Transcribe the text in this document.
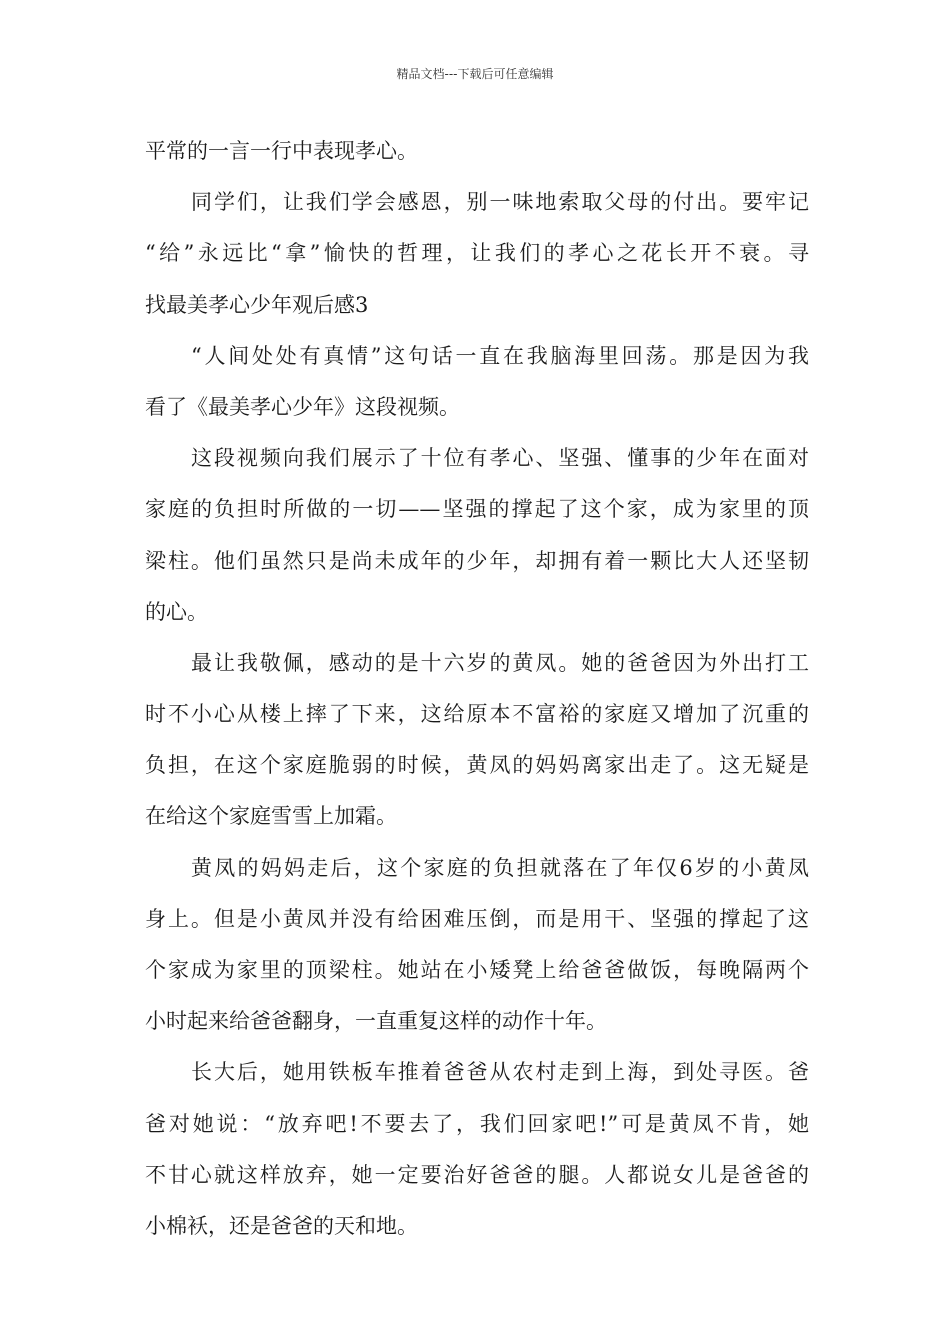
精品文档---下载后可任意编辑
平常的一言一行中表现孝心。
同学们，让我们学会感恩，别一味地索取父母的付出。要牢记
“给”永远比“拿”愉快的哲理，让我们的孝心之花长开不衰。寻
找最美孝心少年观后感3
“人间处处有真情”这句话一直在我脑海里回荡。那是因为我
看了《最美孝心少年》这段视频。
这段视频向我们展示了十位有孝心、坚强、懂事的少年在面对
家庭的负担时所做的一切——坚强的撑起了这个家，成为家里的顶
梁柱。他们虽然只是尚未成年的少年，却拥有着一颗比大人还坚韧
的心。
最让我敬佩，感动的是十六岁的黄凤。她的爸爸因为外出打工
时不小心从楼上摔了下来，这给原本不富裕的家庭又增加了沉重的
负担，在这个家庭脆弱的时候，黄凤的妈妈离家出走了。这无疑是
在给这个家庭雪雪上加霜。
黄凤的妈妈走后，这个家庭的负担就落在了年仅6岁的小黄凤
身上。但是小黄凤并没有给困难压倒，而是用干、坚强的撑起了这
个家成为家里的顶梁柱。她站在小矮凳上给爸爸做饭，每晚隔两个
小时起来给爸爸翻身，一直重复这样的动作十年。
长大后，她用铁板车推着爸爸从农村走到上海，到处寻医。爸
爸对她说：“放弃吧!不要去了，我们回家吧!”可是黄凤不肯，她
不甘心就这样放弃，她一定要治好爸爸的腿。人都说女儿是爸爸的
小棉袄，还是爸爸的天和地。
